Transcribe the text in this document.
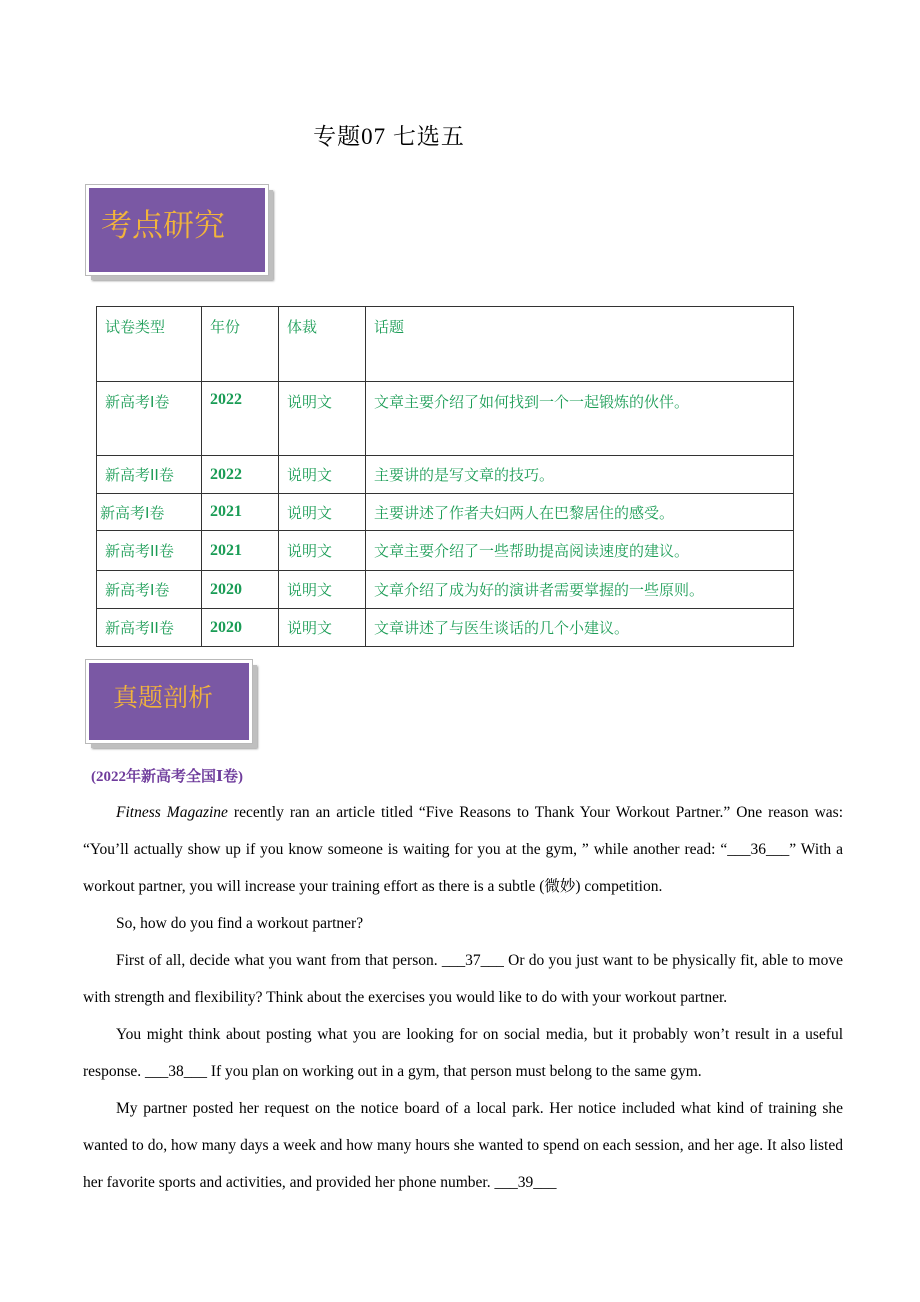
专题07 七选五
考点研究
试卷类型	年份	体裁	话题
新高考I卷	2022	说明文	文章主要介绍了如何找到一个一起锻炼的伙伴。
新高考II卷	2022	说明文	主要讲的是写文章的技巧。
新高考I卷	2021	说明文	主要讲述了作者夫妇两人在巴黎居住的感受。
新高考II卷	2021	说明文	文章主要介绍了一些帮助提高阅读速度的建议。
新高考I卷	2020	说明文	文章介绍了成为好的演讲者需要掌握的一些原则。
新高考II卷	2020	说明文	文章讲述了与医生谈话的几个小建议。
真题剖析
(2022年新高考全国Ⅰ卷)
Fitness Magazine recently ran an article titled “Five Reasons to Thank Your Workout Partner.” One reason was: “You’ll actually show up if you know someone is waiting for you at the gym, ” while another read: “___36___” With a workout partner, you will increase your training effort as there is a subtle (微妙) competition.
So, how do you find a workout partner?
First of all, decide what you want from that person. ___37___ Or do you just want to be physically fit, able to move with strength and flexibility? Think about the exercises you would like to do with your workout partner.
You might think about posting what you are looking for on social media, but it probably won’t result in a useful response. ___38___ If you plan on working out in a gym, that person must belong to the same gym.
My partner posted her request on the notice board of a local park. Her notice included what kind of training she wanted to do, how many days a week and how many hours she wanted to spend on each session, and her age. It also listed her favorite sports and activities, and provided her phone number. ___39___
